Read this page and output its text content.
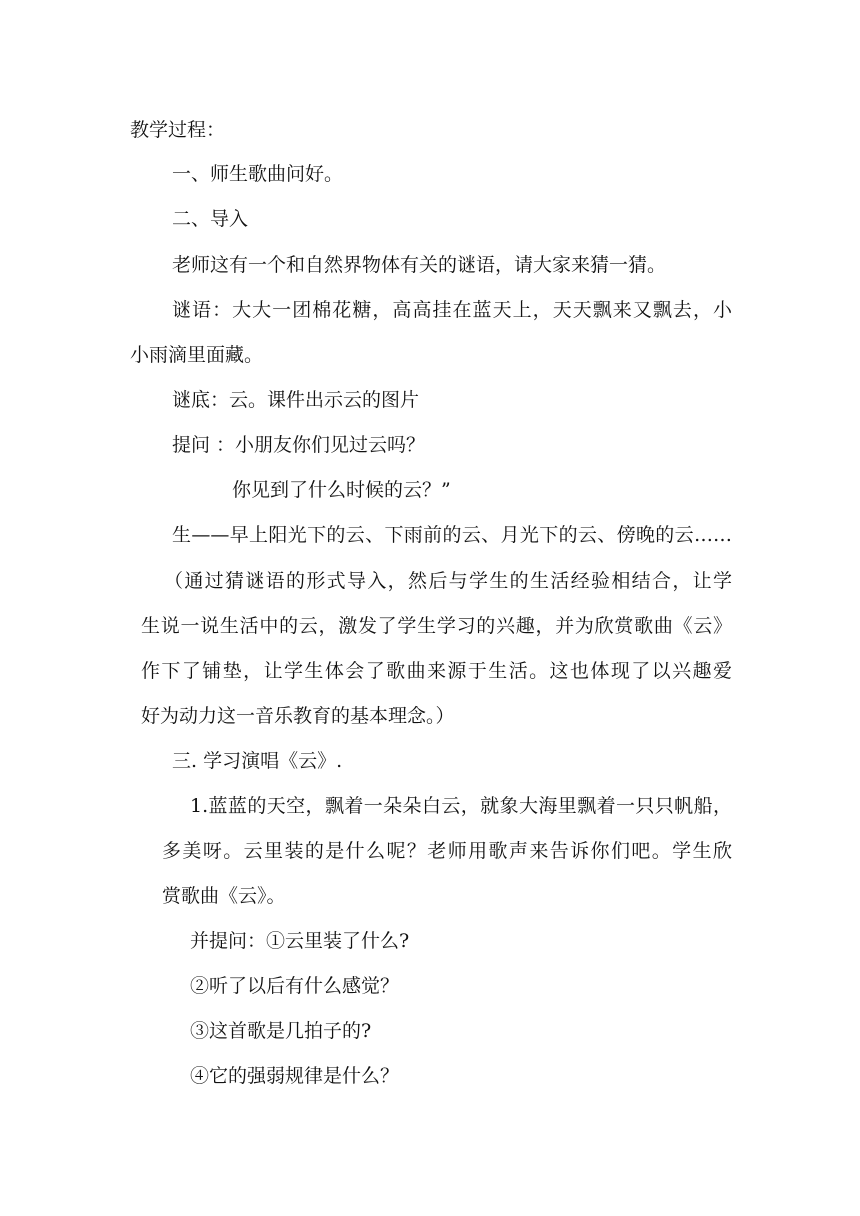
教学过程：

一、师生歌曲问好。

二、导入

老师这有一个和自然界物体有关的谜语，请大家来猜一猜。

谜语：大大一团棉花糖，高高挂在蓝天上，天天飘来又飘去，小

小雨滴里面藏。

谜底：云。课件出示云的图片

提问 ：小朋友你们见过云吗？

你见到了什么时候的云？”

生——早上阳光下的云、下雨前的云、月光下的云、傍晚的云……

（通过猜谜语的形式导入，然后与学生的生活经验相结合，让学

生说一说生活中的云，激发了学生学习的兴趣，并为欣赏歌曲《云》

作下了铺垫，让学生体会了歌曲来源于生活。这也体现了以兴趣爱

好为动力这一音乐教育的基本理念。）

三. 学习演唱《云》.

1.蓝蓝的天空，飘着一朵朵白云，就象大海里飘着一只只帆船，

多美呀。云里装的是什么呢？老师用歌声来告诉你们吧。学生欣

赏歌曲《云》。

并提问：①云里装了什么?

②听了以后有什么感觉？

③这首歌是几拍子的?

④它的强弱规律是什么？
